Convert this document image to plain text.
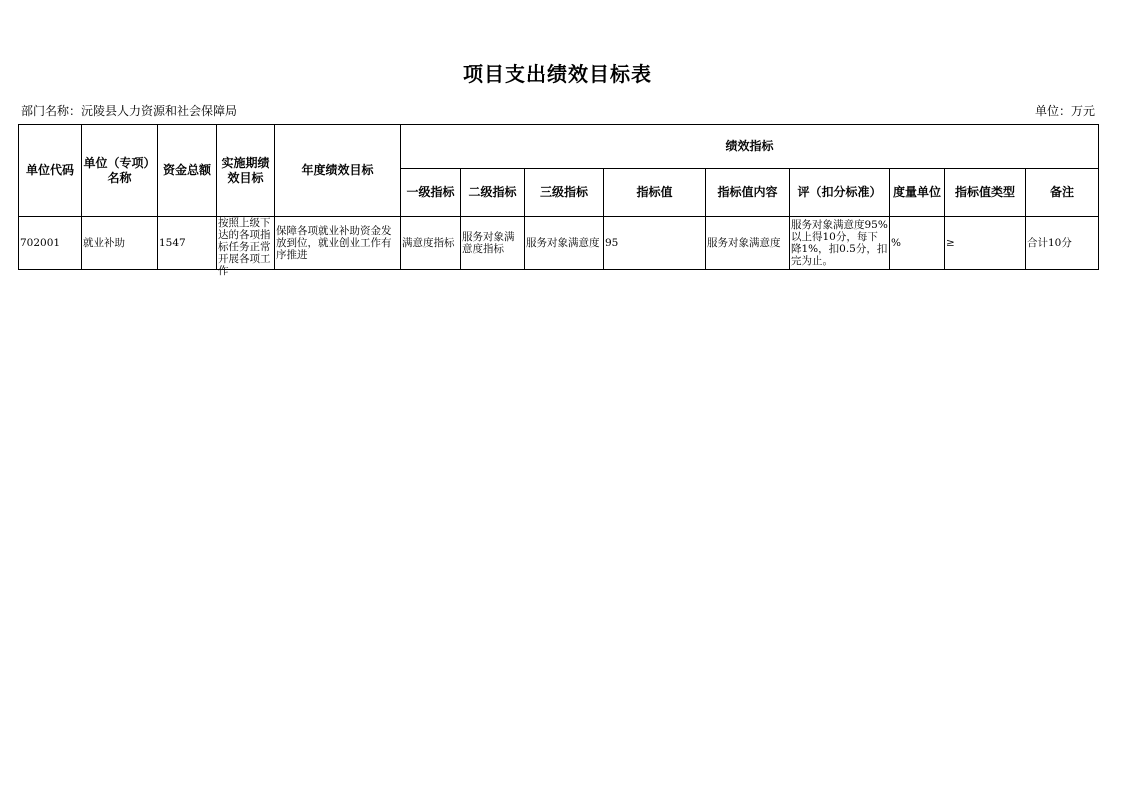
项目支出绩效目标表
部门名称：沅陵县人力资源和社会保障局	单位：万元
单位代码	单位（专项）名称	资金总额	实施期绩效目标	年度绩效目标	绩效指标								
					一级指标	二级指标	三级指标	指标值	指标值内容	评（扣分标准）	度量单位	指标值类型	备注
702001	就业补助	1547	按照上级下达的各项指标任务正常开展各项工作	保障各项就业补助资金发放到位，就业创业工作有序推进	满意度指标	服务对象满意度指标	服务对象满意度	95	服务对象满意度	服务对象满意度95%以上得10分，每下降1%，扣0.5分，扣完为止。	%	≥	合计10分
